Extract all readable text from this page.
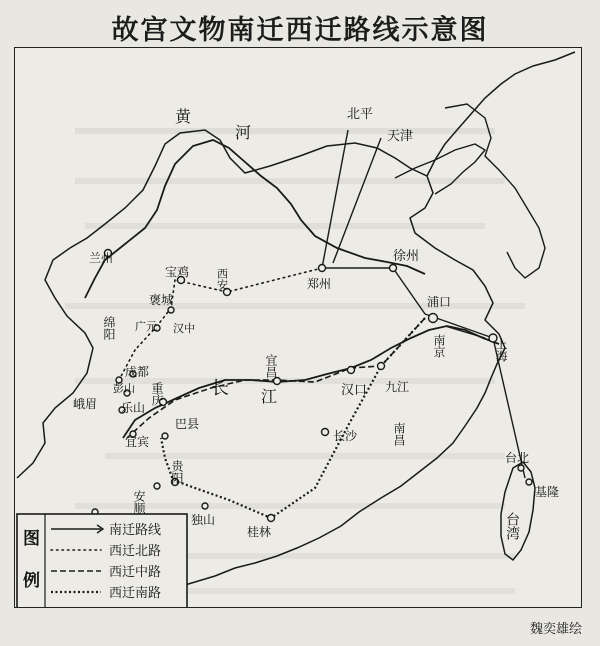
故宫文物南迁西迁路线示意图
黄
河
长 江
北平
天津
兰州
宝鸡 西安	郑州
徐州
浦口
南京	上海
褒城
汉中
广元
绵阳
成都
彭山
峨眉 乐山
宜宾
重庆
巴县
宜昌
汉口 九江
长沙	南昌
贵阳
安顺
独山
桂林
台北
基隆
台湾
图
例
南迁路线
西迁北路
西迁中路
西迁南路
魏奕雄绘
